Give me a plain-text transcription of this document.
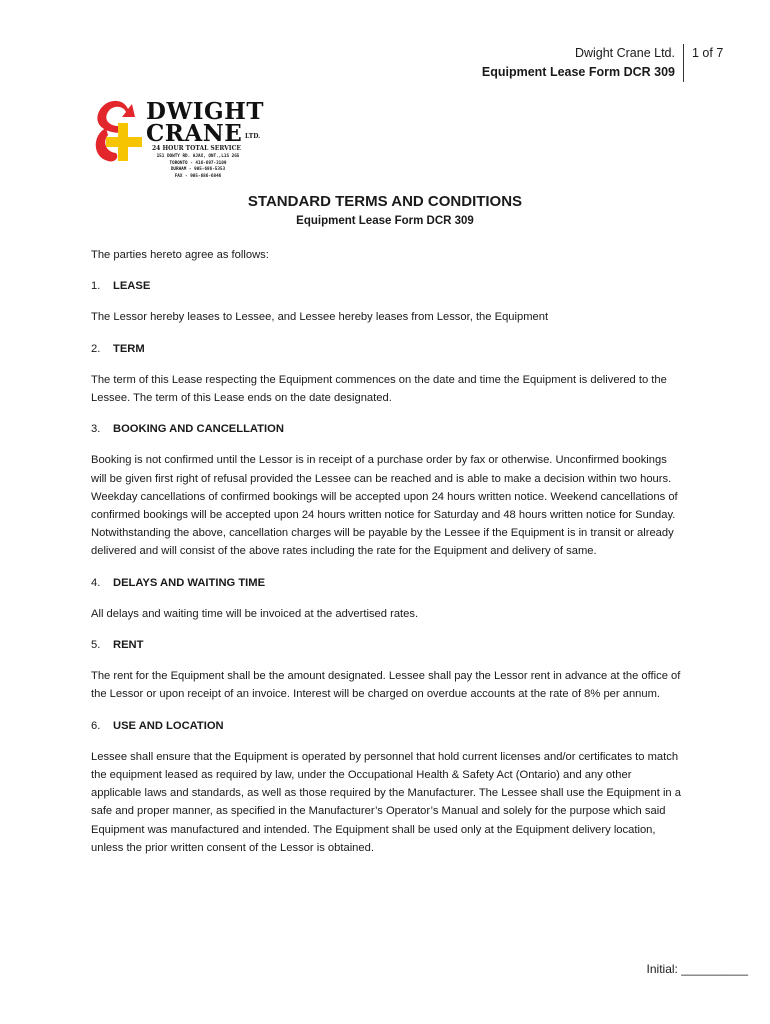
Dwight Crane Ltd.
Equipment Lease Form DCR 309
1 of 7
DWIGHT
CRANE LTD.
24 HOUR TOTAL SERVICE
151 DOWTY RD. AJAX, ONT.,L1S 2G5
TORONTO - 416-697-3109
DURHAM - 905-686-5353
FAX - 905-686-6846
STANDARD TERMS AND CONDITIONS
Equipment Lease Form DCR 309

The parties hereto agree as follows:

1. LEASE

The Lessor hereby leases to Lessee, and Lessee hereby leases from Lessor, the Equipment

2. TERM

The term of this Lease respecting the Equipment commences on the date and time the Equipment is delivered to the Lessee. The term of this Lease ends on the date designated.

3. BOOKING AND CANCELLATION

Booking is not confirmed until the Lessor is in receipt of a purchase order by fax or otherwise. Unconfirmed bookings will be given first right of refusal provided the Lessee can be reached and is able to make a decision within two hours. Weekday cancellations of confirmed bookings will be accepted upon 24 hours written notice. Weekend cancellations of confirmed bookings will be accepted upon 24 hours written notice for Saturday and 48 hours written notice for Sunday. Notwithstanding the above, cancellation charges will be payable by the Lessee if the Equipment is in transit or already delivered and will consist of the above rates including the rate for the Equipment and delivery of same.

4. DELAYS AND WAITING TIME

All delays and waiting time will be invoiced at the advertised rates.

5. RENT

The rent for the Equipment shall be the amount designated. Lessee shall pay the Lessor rent in advance at the office of the Lessor or upon receipt of an invoice. Interest will be charged on overdue accounts at the rate of 8% per annum.

6. USE AND LOCATION

Lessee shall ensure that the Equipment is operated by personnel that hold current licenses and/or certificates to match the equipment leased as required by law, under the Occupational Health & Safety Act (Ontario) and any other applicable laws and standards, as well as those required by the Manufacturer. The Lessee shall use the Equipment in a safe and proper manner, as specified in the Manufacturer’s Operator’s Manual and solely for the purpose which said Equipment was manufactured and intended. The Equipment shall be used only at the Equipment delivery location, unless the prior written consent of the Lessor is obtained.

Initial: __________
